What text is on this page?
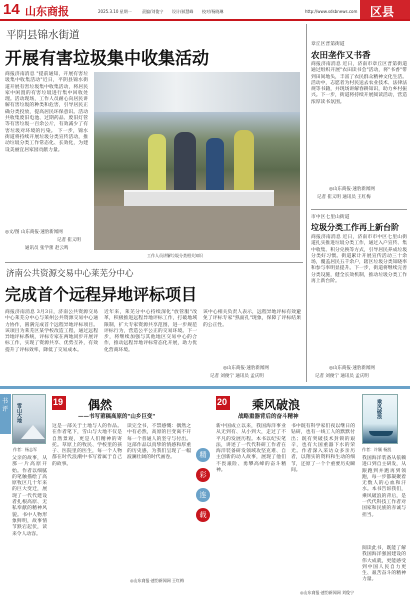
14 山东商报	2025.3.10 星期一	责编/刘俊宁 设计/郝慧峰 校对/杨晓琳	http://www.sdsbnews.com 区县
平阴县锦水街道
开展有害垃圾集中收集活动
商报济南消息 "提前通知，开展有害垃圾集中收集活动"近日，平阴县锦水街道开展有害垃圾集中收集活动，将居民家中闲置的有害垃圾进行集中回收处理。活动现场，工作人员耐心向居民讲解有害垃圾的种类和危害，引导居民正确分类投放，提高居民环保意识。活动共收集废旧电池、过期药品、废旧灯管等有害垃圾一百余公斤，有效减少了有害垃圾对环境的污染。 下一步，锦水街道将持续开展垃圾分类宣传活动，推动垃圾分类工作常态化、长效化，为建设美丽宜居家园贡献力量。
◎文/图 山东商报·速豹新闻网
记者 崔义明
通讯员 张学蕾 赵云鸣
工作人员讲解垃圾分类相关知识
济南公共资源交易中心莱芜分中心
完成首个远程异地评标项目
商报济南消息 3月3日，济南公共资源交易中心莱芜分中心与莱州公共资源交易中心通力协作，圆满完成首个远程异地评标项目。该项目为莱芜区某学校改造工程，通过远程异地评标系统，评标专家在两地同步开展评标工作，实现了资源共享、优势互补，有效提升了评标效率，降低了交易成本。
近年来，莱芜分中心持续深化"放管服"改革，积极推进远程异地评标工作，打破地域限制，扩大专家资源共享范围，进一步规范评标行为，营造公平公正的交易环境。下一步，将继续加强与其他地区交易中心的合作，推动远程异地评标常态化开展，助力优化营商环境。
该中心相关负责人表示，远程异地评标有效避免了评标专家"熟面孔"现象，保障了评标结果的公正性。
◎山东商报·速豹新闻网
记者 刘俊宁 通讯员 孟庆明
章丘区晋第街道
农田垄作又书香
商报济南消息 近日，济南市章丘区晋第街道通过组织开展"农田读书会"活动，将"书香"带到田间地头，丰富了农民群众精神文化生活。活动中，志愿者为村民送去农业技术、法律法规等书籍，并现场讲解春耕知识，助力乡村振兴。下一步，街道将持续开展阅读活动，营造浓厚读书氛围。
◎山东商报·速豹新闻网
记者 崔义明 通讯员 王红梅
市中区七里山街道
垃圾分类工作再上新台阶
商报济南消息 近日，济南市市中区七里山街道扎实推进垃圾分类工作，通过入户宣传、集中收集、积分兑换等方式，引导居民养成垃圾分类好习惯。街道累计开展宣传活动三十余场，覆盖居民五千余户，辖区垃圾分类知晓率和参与率明显提升。下一步，街道将继续完善分类设施，健全长效机制，推动垃圾分类工作再上新台阶。
◎山东商报·速豹新闻网
记者 刘俊宁 通讯员 孟庆明
书评 雪山大地
作者：杨志军
父亲的故事，从那一片高原开始。作者以细腻的笔触描绘了高原牧区几十年来的巨大变迁，展现了一代代建设者扎根高原、无私奉献的精神风貌。书中人物形象鲜明，故事情节跌宕起伏，读来令人动容。
19 偶然
——书写莆稿高原的"山乡巨变"
这是一部关于土地与人的作品。在作者笔下，雪山与大地不仅是自然景观，更是人们精神的寄托。草原上的牧民、学校里的孩子、医院里的医生，每一个人物都在时代浪潮中书写着属于自己的故事。
读完全书，不禁感慨：偶然之中有必然，高原的巨变离不开每一个普通人的坚守与付出。这部作品以真挚的情感和厚重的历史感，为我们呈现了一幅波澜壮阔的时代画卷。
◎山东商报·速豹新闻网 王红梅
精
彩
连
载
20 乘风破浪
战略重器背后的奋斗精神
新中国成立以来，我国海洋事业从无到有、从小到大，走过了不平凡的发展历程。本书以纪实笔法，讲述了一代代科研工作者在海洋装备研发领域攻坚克难、自主创新的动人故事，展现了他们不畏艰险、勇攀高峰的奋斗精神。
书中既有科学家们夜以继日的钻研，也有一线工人的默默付出；既有突破技术封锁的艰辛，也有大国重器下水的荣光。作者深入采访众多亲历者，以翔实的资料和生动的细节，还原了一个个重要历史瞬间。
乘风破浪
作者：许颖 杨凯
我国海洋装备从依赖进口到自主研发，从跟跑到并跑再到领跑，每一步都凝聚着无数人的心血和汗水。本书告诉我们，乘风破浪的背后，是一代代科技工作者对国家和民族的赤诚与担当。
阅读此书，既能了解我国海洋强国建设的伟大成就，更能感受到中国人民自力更生、艰苦奋斗的精神力量。
◎山东商报·速豹新闻网 刘俊宁
